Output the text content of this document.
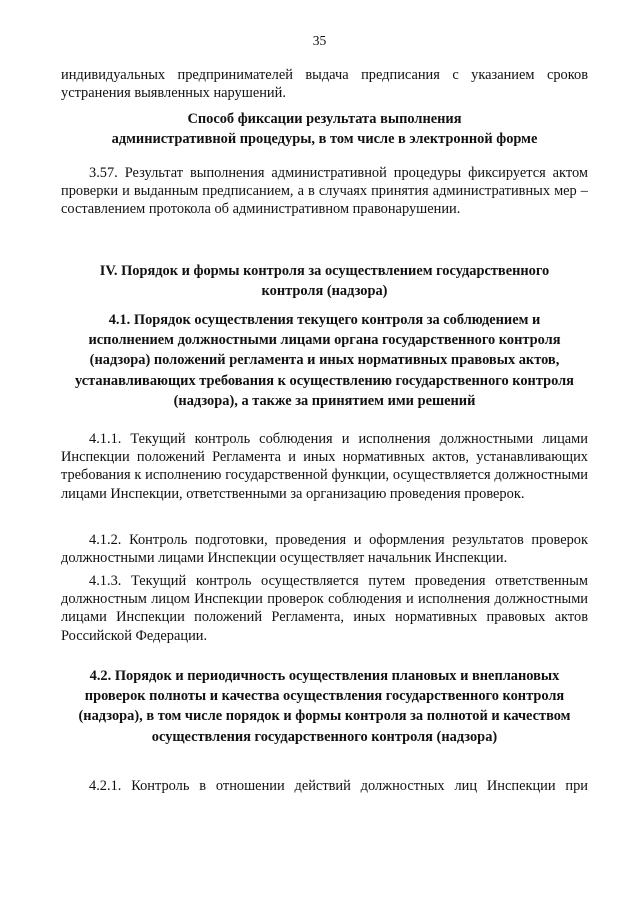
35
индивидуальных предпринимателей выдача предписания с указанием сроков устранения выявленных нарушений.
Способ фиксации результата выполнения
административной процедуры, в том числе в электронной форме
3.57. Результат выполнения административной процедуры фиксируется актом проверки и выданным предписанием, а в случаях принятия административных мер – составлением протокола об административном правонарушении.
IV. Порядок и формы контроля за осуществлением государственного
контроля (надзора)
4.1. Порядок осуществления текущего контроля за соблюдением и
исполнением должностными лицами органа государственного контроля
(надзора) положений регламента и иных нормативных правовых актов,
устанавливающих требования к осуществлению государственного контроля
(надзора), а также за принятием ими решений
4.1.1. Текущий контроль соблюдения и исполнения должностными лицами Инспекции положений Регламента и иных нормативных актов, устанавливающих требования к исполнению государственной функции, осуществляется должностными лицами Инспекции, ответственными за организацию проведения проверок.
4.1.2. Контроль подготовки, проведения и оформления результатов проверок должностными лицами Инспекции осуществляет начальник Инспекции.
4.1.3. Текущий контроль осуществляется путем проведения ответственным должностным лицом Инспекции проверок соблюдения и исполнения должностными лицами Инспекции положений Регламента, иных нормативных правовых актов Российской Федерации.
4.2. Порядок и периодичность осуществления плановых и внеплановых
проверок полноты и качества осуществления государственного контроля
(надзора), в том числе порядок и формы контроля за полнотой и качеством
осуществления государственного контроля (надзора)
4.2.1. Контроль в отношении действий должностных лиц Инспекции при
